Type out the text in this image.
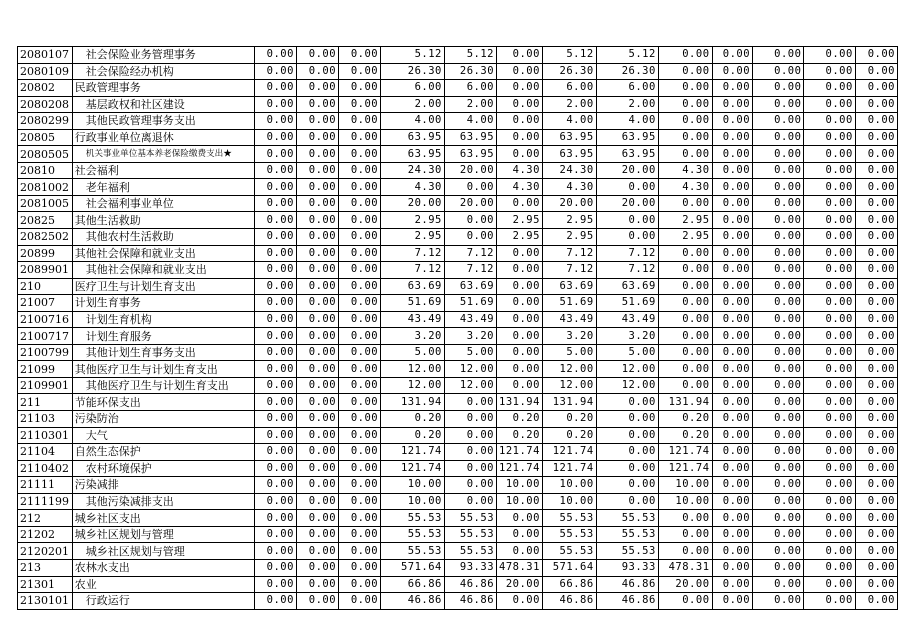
2080107	社会保险业务管理事务	0.00	0.00	0.00	5.12	5.12	0.00	5.12	5.12	0.00	0.00	0.00	0.00	0.00
2080109	社会保险经办机构	0.00	0.00	0.00	26.30	26.30	0.00	26.30	26.30	0.00	0.00	0.00	0.00	0.00
20802	民政管理事务	0.00	0.00	0.00	6.00	6.00	0.00	6.00	6.00	0.00	0.00	0.00	0.00	0.00
2080208	基层政权和社区建设	0.00	0.00	0.00	2.00	2.00	0.00	2.00	2.00	0.00	0.00	0.00	0.00	0.00
2080299	其他民政管理事务支出	0.00	0.00	0.00	4.00	4.00	0.00	4.00	4.00	0.00	0.00	0.00	0.00	0.00
20805	行政事业单位离退休	0.00	0.00	0.00	63.95	63.95	0.00	63.95	63.95	0.00	0.00	0.00	0.00	0.00
2080505	机关事业单位基本养老保险缴费支出★	0.00	0.00	0.00	63.95	63.95	0.00	63.95	63.95	0.00	0.00	0.00	0.00	0.00
20810	社会福利	0.00	0.00	0.00	24.30	20.00	4.30	24.30	20.00	4.30	0.00	0.00	0.00	0.00
2081002	老年福利	0.00	0.00	0.00	4.30	0.00	4.30	4.30	0.00	4.30	0.00	0.00	0.00	0.00
2081005	社会福利事业单位	0.00	0.00	0.00	20.00	20.00	0.00	20.00	20.00	0.00	0.00	0.00	0.00	0.00
20825	其他生活救助	0.00	0.00	0.00	2.95	0.00	2.95	2.95	0.00	2.95	0.00	0.00	0.00	0.00
2082502	其他农村生活救助	0.00	0.00	0.00	2.95	0.00	2.95	2.95	0.00	2.95	0.00	0.00	0.00	0.00
20899	其他社会保障和就业支出	0.00	0.00	0.00	7.12	7.12	0.00	7.12	7.12	0.00	0.00	0.00	0.00	0.00
2089901	其他社会保障和就业支出	0.00	0.00	0.00	7.12	7.12	0.00	7.12	7.12	0.00	0.00	0.00	0.00	0.00
210	医疗卫生与计划生育支出	0.00	0.00	0.00	63.69	63.69	0.00	63.69	63.69	0.00	0.00	0.00	0.00	0.00
21007	计划生育事务	0.00	0.00	0.00	51.69	51.69	0.00	51.69	51.69	0.00	0.00	0.00	0.00	0.00
2100716	计划生育机构	0.00	0.00	0.00	43.49	43.49	0.00	43.49	43.49	0.00	0.00	0.00	0.00	0.00
2100717	计划生育服务	0.00	0.00	0.00	3.20	3.20	0.00	3.20	3.20	0.00	0.00	0.00	0.00	0.00
2100799	其他计划生育事务支出	0.00	0.00	0.00	5.00	5.00	0.00	5.00	5.00	0.00	0.00	0.00	0.00	0.00
21099	其他医疗卫生与计划生育支出	0.00	0.00	0.00	12.00	12.00	0.00	12.00	12.00	0.00	0.00	0.00	0.00	0.00
2109901	其他医疗卫生与计划生育支出	0.00	0.00	0.00	12.00	12.00	0.00	12.00	12.00	0.00	0.00	0.00	0.00	0.00
211	节能环保支出	0.00	0.00	0.00	131.94	0.00	131.94	131.94	0.00	131.94	0.00	0.00	0.00	0.00
21103	污染防治	0.00	0.00	0.00	0.20	0.00	0.20	0.20	0.00	0.20	0.00	0.00	0.00	0.00
2110301	大气	0.00	0.00	0.00	0.20	0.00	0.20	0.20	0.00	0.20	0.00	0.00	0.00	0.00
21104	自然生态保护	0.00	0.00	0.00	121.74	0.00	121.74	121.74	0.00	121.74	0.00	0.00	0.00	0.00
2110402	农村环境保护	0.00	0.00	0.00	121.74	0.00	121.74	121.74	0.00	121.74	0.00	0.00	0.00	0.00
21111	污染减排	0.00	0.00	0.00	10.00	0.00	10.00	10.00	0.00	10.00	0.00	0.00	0.00	0.00
2111199	其他污染减排支出	0.00	0.00	0.00	10.00	0.00	10.00	10.00	0.00	10.00	0.00	0.00	0.00	0.00
212	城乡社区支出	0.00	0.00	0.00	55.53	55.53	0.00	55.53	55.53	0.00	0.00	0.00	0.00	0.00
21202	城乡社区规划与管理	0.00	0.00	0.00	55.53	55.53	0.00	55.53	55.53	0.00	0.00	0.00	0.00	0.00
2120201	城乡社区规划与管理	0.00	0.00	0.00	55.53	55.53	0.00	55.53	55.53	0.00	0.00	0.00	0.00	0.00
213	农林水支出	0.00	0.00	0.00	571.64	93.33	478.31	571.64	93.33	478.31	0.00	0.00	0.00	0.00
21301	农业	0.00	0.00	0.00	66.86	46.86	20.00	66.86	46.86	20.00	0.00	0.00	0.00	0.00
2130101	行政运行	0.00	0.00	0.00	46.86	46.86	0.00	46.86	46.86	0.00	0.00	0.00	0.00	0.00
